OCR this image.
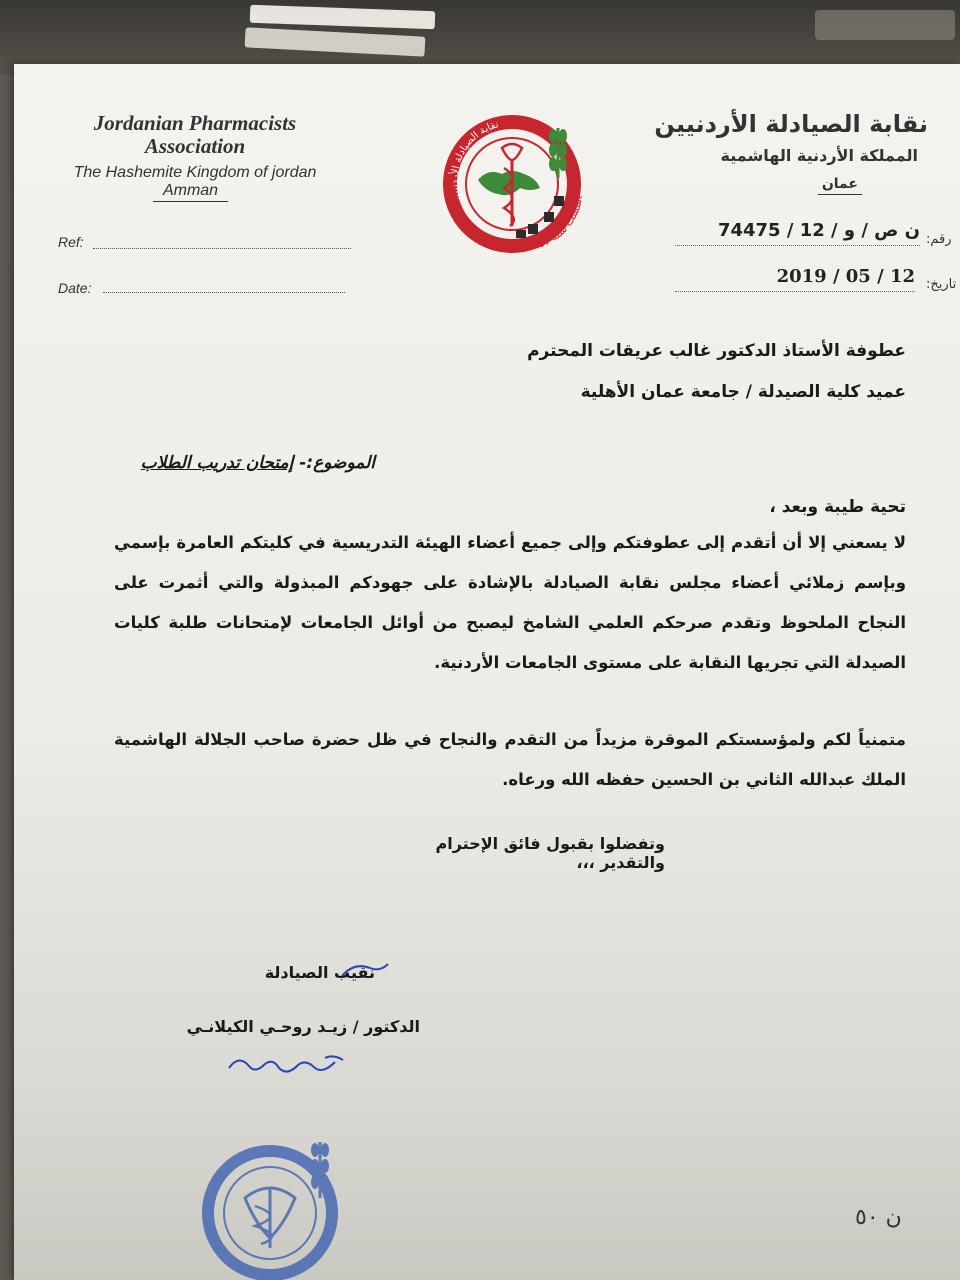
Jordanian Pharmacists Association
The Hashemite Kingdom of jordan
Amman
Ref:
Date:
نقابة الصيادلة الأردنيين
أسست سنة ١٩٥٧
نقابة الصيادلة الأردنيين
المملكة الأردنية الهاشمية
عمان
ن ص / و / 12 / 74475 رقم:
2019 / 05 / 12 تاريخ:
عطوفة الأستاذ الدكتور غالب عريقات المحترم
عميد كلية الصيدلة / جامعة عمان الأهلية
الموضوع:- إمتحان تدريب الطلاب
تحية طيبة وبعد ،
لا يسعني إلا أن أتقدم إلى عطوفتكم وإلى جميع أعضاء الهيئة التدريسية في كليتكم العامرة بإسمي وبإسم زملائي أعضاء مجلس نقابة الصيادلة بالإشادة على جهودكم المبذولة والتي أثمرت على النجاح الملحوظ وتقدم صرحكم العلمي الشامخ ليصبح من أوائل الجامعات لإمتحانات طلبة كليات الصيدلة التي تجريها النقابة على مستوى الجامعات الأردنية.
متمنياً لكم ولمؤسستكم الموقرة مزيداً من التقدم والنجاح في ظل حضرة صاحب الجلالة الهاشمية الملك عبدالله الثاني بن الحسين حفظه الله ورعاه.
وتفضلوا بقبول فائق الإحترام والتقدير ،،،
نقيب الصيادلة
الدكتور / زيـد روحـي الكيلانـي
ن ٥٠
